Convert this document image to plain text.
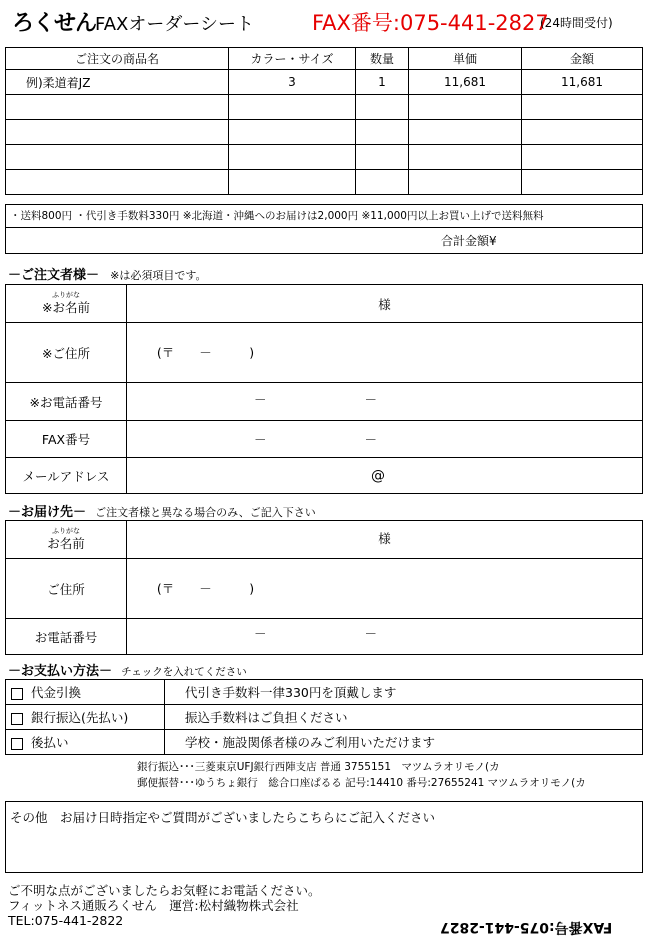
ろくせん
FAXオーダーシート	FAX番号:075-441-2827
(24時間受付)
ご注文の商品名	カラー・サイズ	数量	単価	金額
例)柔道着JZ	3	1	11,681	11,681

・送料800円 ・代引き手数料330円 ※北海道・沖縄へのお届けは2,000円 ※11,000円以上お買い上げで送料無料
合計金額¥
－ご注文者様－ ※は必須項目です。
ふりがな
※お名前	様
※ご住所	(〒　　－　　　)

※お電話番号	－ －
FAX番号	－ －
メールアドレス	@
－お届け先－ ご注文者様と異なる場合のみ、ご記入下さい
ふりがな
お名前	様
ご住所	(〒　　－　　　)

お電話番号	－ －
－お支払い方法－ チェックを入れてください
代金引換	代引き手数料一律330円を頂戴します
銀行振込(先払い)	振込手数料はご負担ください
後払い	学校・施設関係者様のみご利用いただけます
銀行振込･･･三菱東京UFJ銀行西陣支店 普通 3755151　マツムラオリモノ(カ
郵便振替･･･ゆうちょ銀行　総合口座ぱるる 記号:14410 番号:27655241 マツムラオリモノ(カ
その他　お届け日時指定やご質問がございましたらこちらにご記入ください
ご不明な点がございましたらお気軽にお電話ください。
フィットネス通販ろくせん　運営:松村織物株式会社
TEL:075-441-2822	FAX番号:075-441-2827
